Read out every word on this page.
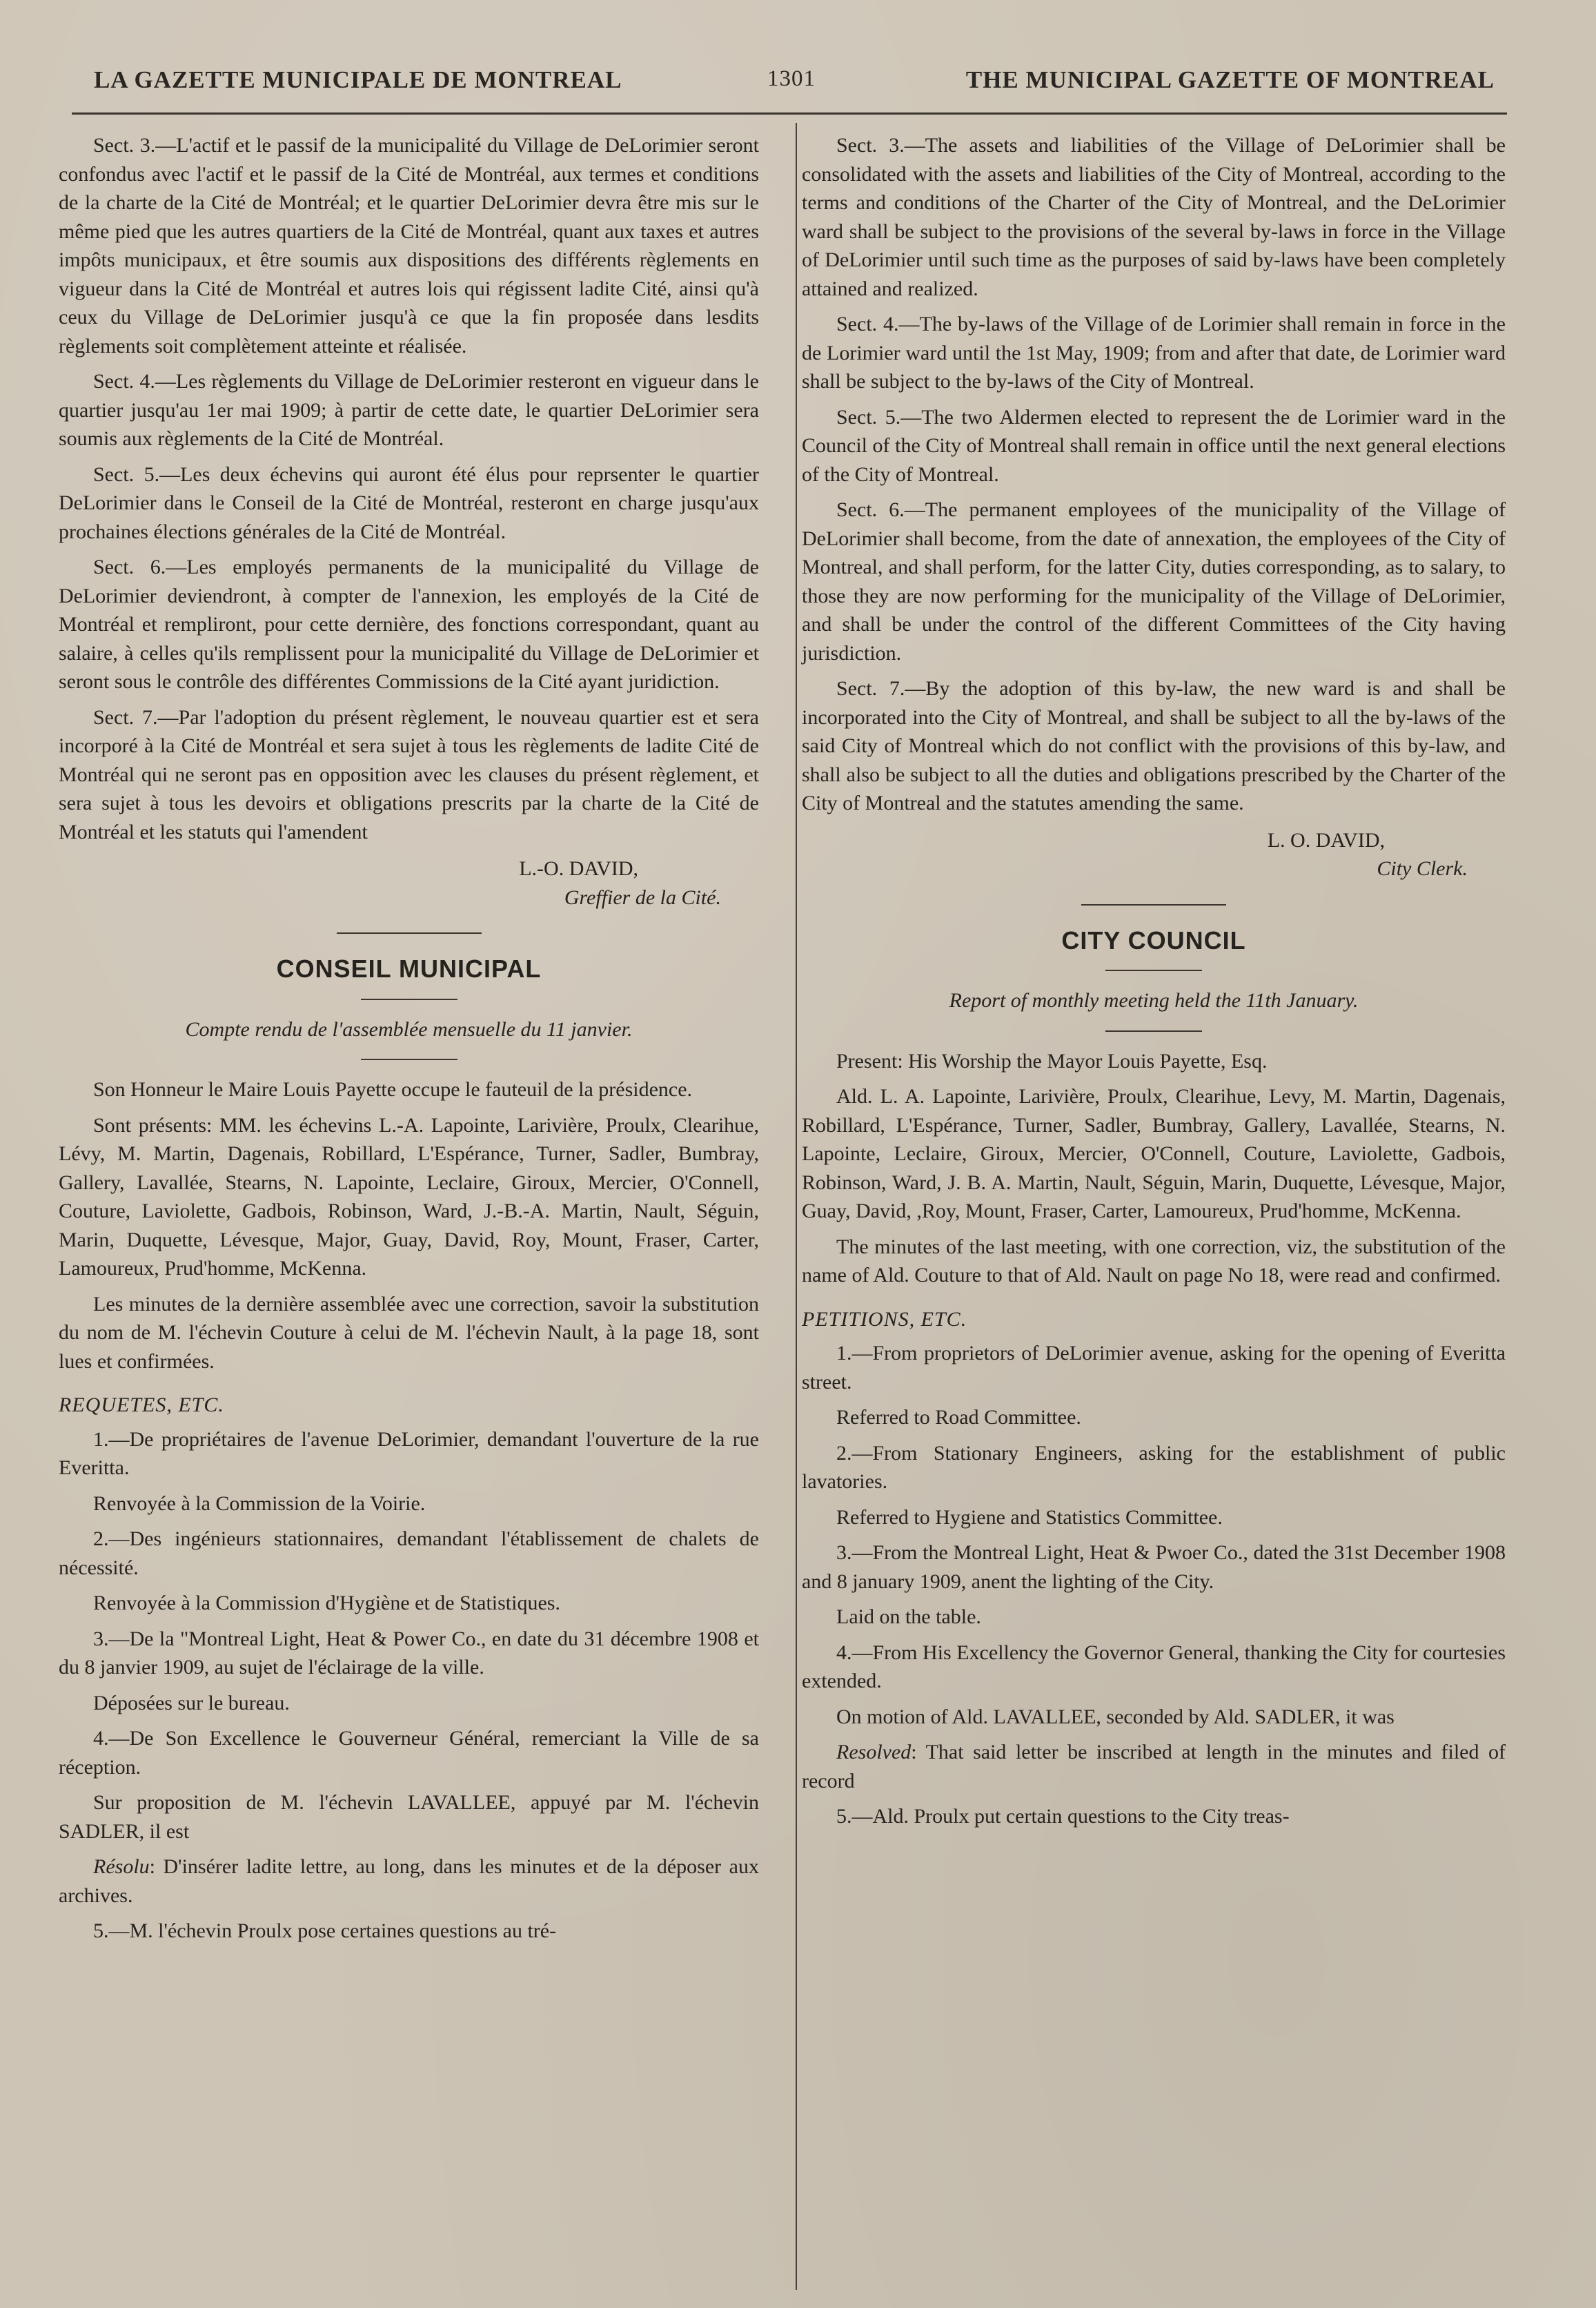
LA GAZETTE MUNICIPALE DE MONTREAL	1301	THE MUNICIPAL GAZETTE OF MONTREAL

Sect. 3.—L'actif et le passif de la municipalité du Village de DeLorimier seront confondus avec l'actif et le passif de la Cité de Montréal, aux termes et conditions de la charte de la Cité de Montréal; et le quartier DeLorimier devra être mis sur le même pied que les autres quartiers de la Cité de Montréal, quant aux taxes et autres impôts municipaux, et être soumis aux dispositions des différents règlements en vigueur dans la Cité de Montréal et autres lois qui régissent ladite Cité, ainsi qu'à ceux du Village de DeLorimier jusqu'à ce que la fin proposée dans lesdits règlements soit complètement atteinte et réalisée.

Sect. 4.—Les règlements du Village de DeLorimier resteront en vigueur dans le quartier jusqu'au 1er mai 1909; à partir de cette date, le quartier DeLorimier sera soumis aux règlements de la Cité de Montréal.

Sect. 5.—Les deux échevins qui auront été élus pour reprsenter le quartier DeLorimier dans le Conseil de la Cité de Montréal, resteront en charge jusqu'aux prochaines élections générales de la Cité de Montréal.

Sect. 6.—Les employés permanents de la municipalité du Village de DeLorimier deviendront, à compter de l'annexion, les employés de la Cité de Montréal et rempliront, pour cette dernière, des fonctions correspondant, quant au salaire, à celles qu'ils remplissent pour la municipalité du Village de DeLorimier et seront sous le contrôle des différentes Commissions de la Cité ayant juridiction.

Sect. 7.—Par l'adoption du présent règlement, le nouveau quartier est et sera incorporé à la Cité de Montréal et sera sujet à tous les règlements de ladite Cité de Montréal qui ne seront pas en opposition avec les clauses du présent règlement, et sera sujet à tous les devoirs et obligations prescrits par la charte de la Cité de Montréal et les statuts qui l'amendent

L.-O. DAVID,
Greffier de la Cité.
CONSEIL MUNICIPAL
Compte rendu de l'assemblée mensuelle du 11 janvier.

Son Honneur le Maire Louis Payette occupe le fauteuil de la présidence.

Sont présents: MM. les échevins L.-A. Lapointe, Larivière, Proulx, Clearihue, Lévy, M. Martin, Dagenais, Robillard, L'Espérance, Turner, Sadler, Bumbray, Gallery, Lavallée, Stearns, N. Lapointe, Leclaire, Giroux, Mercier, O'Connell, Couture, Laviolette, Gadbois, Robinson, Ward, J.-B.-A. Martin, Nault, Séguin, Marin, Duquette, Lévesque, Major, Guay, David, Roy, Mount, Fraser, Carter, Lamoureux, Prud'homme, McKenna.

Les minutes de la dernière assemblée avec une correction, savoir la substitution du nom de M. l'échevin Couture à celui de M. l'échevin Nault, à la page 18, sont lues et confirmées.

REQUETES, ETC.

1.—De propriétaires de l'avenue DeLorimier, demandant l'ouverture de la rue Everitta.

Renvoyée à la Commission de la Voirie.

2.—Des ingénieurs stationnaires, demandant l'établissement de chalets de nécessité.

Renvoyée à la Commission d'Hygiène et de Statistiques.

3.—De la "Montreal Light, Heat & Power Co., en date du 31 décembre 1908 et du 8 janvier 1909, au sujet de l'éclairage de la ville.

Déposées sur le bureau.

4.—De Son Excellence le Gouverneur Général, remerciant la Ville de sa réception.

Sur proposition de M. l'échevin LAVALLEE, appuyé par M. l'échevin SADLER, il est

Résolu: D'insérer ladite lettre, au long, dans les minutes et de la déposer aux archives.

5.—M. l'échevin Proulx pose certaines questions au tré-

Sect. 3.—The assets and liabilities of the Village of DeLorimier shall be consolidated with the assets and liabilities of the City of Montreal, according to the terms and conditions of the Charter of the City of Montreal, and the DeLorimier ward shall be subject to the provisions of the several by-laws in force in the Village of DeLorimier until such time as the purposes of said by-laws have been completely attained and realized.

Sect. 4.—The by-laws of the Village of de Lorimier shall remain in force in the de Lorimier ward until the 1st May, 1909; from and after that date, de Lorimier ward shall be subject to the by-laws of the City of Montreal.

Sect. 5.—The two Aldermen elected to represent the de Lorimier ward in the Council of the City of Montreal shall remain in office until the next general elections of the City of Montreal.

Sect. 6.—The permanent employees of the municipality of the Village of DeLorimier shall become, from the date of annexation, the employees of the City of Montreal, and shall perform, for the latter City, duties corresponding, as to salary, to those they are now performing for the municipality of the Village of DeLorimier, and shall be under the control of the different Committees of the City having jurisdiction.

Sect. 7.—By the adoption of this by-law, the new ward is and shall be incorporated into the City of Montreal, and shall be subject to all the by-laws of the said City of Montreal which do not conflict with the provisions of this by-law, and shall also be subject to all the duties and obligations prescribed by the Charter of the City of Montreal and the statutes amending the same.

L. O. DAVID,
City Clerk.
CITY COUNCIL
Report of monthly meeting held the 11th January.

Present: His Worship the Mayor Louis Payette, Esq.

Ald. L. A. Lapointe, Larivière, Proulx, Clearihue, Levy, M. Martin, Dagenais, Robillard, L'Espérance, Turner, Sadler, Bumbray, Gallery, Lavallée, Stearns, N. Lapointe, Leclaire, Giroux, Mercier, O'Connell, Couture, Laviolette, Gadbois, Robinson, Ward, J. B. A. Martin, Nault, Séguin, Marin, Duquette, Lévesque, Major, Guay, David, ,Roy, Mount, Fraser, Carter, Lamoureux, Prud'homme, McKenna.

The minutes of the last meeting, with one correction, viz, the substitution of the name of Ald. Couture to that of Ald. Nault on page No 18, were read and confirmed.

PETITIONS, ETC.

1.—From proprietors of DeLorimier avenue, asking for the opening of Everitta street.

Referred to Road Committee.

2.—From Stationary Engineers, asking for the establishment of public lavatories.

Referred to Hygiene and Statistics Committee.

3.—From the Montreal Light, Heat & Pwoer Co., dated the 31st December 1908 and 8 january 1909, anent the lighting of the City.

Laid on the table.

4.—From His Excellency the Governor General, thanking the City for courtesies extended.

On motion of Ald. LAVALLEE, seconded by Ald. SADLER, it was

Resolved: That said letter be inscribed at length in the minutes and filed of record

5.—Ald. Proulx put certain questions to the City treas-
